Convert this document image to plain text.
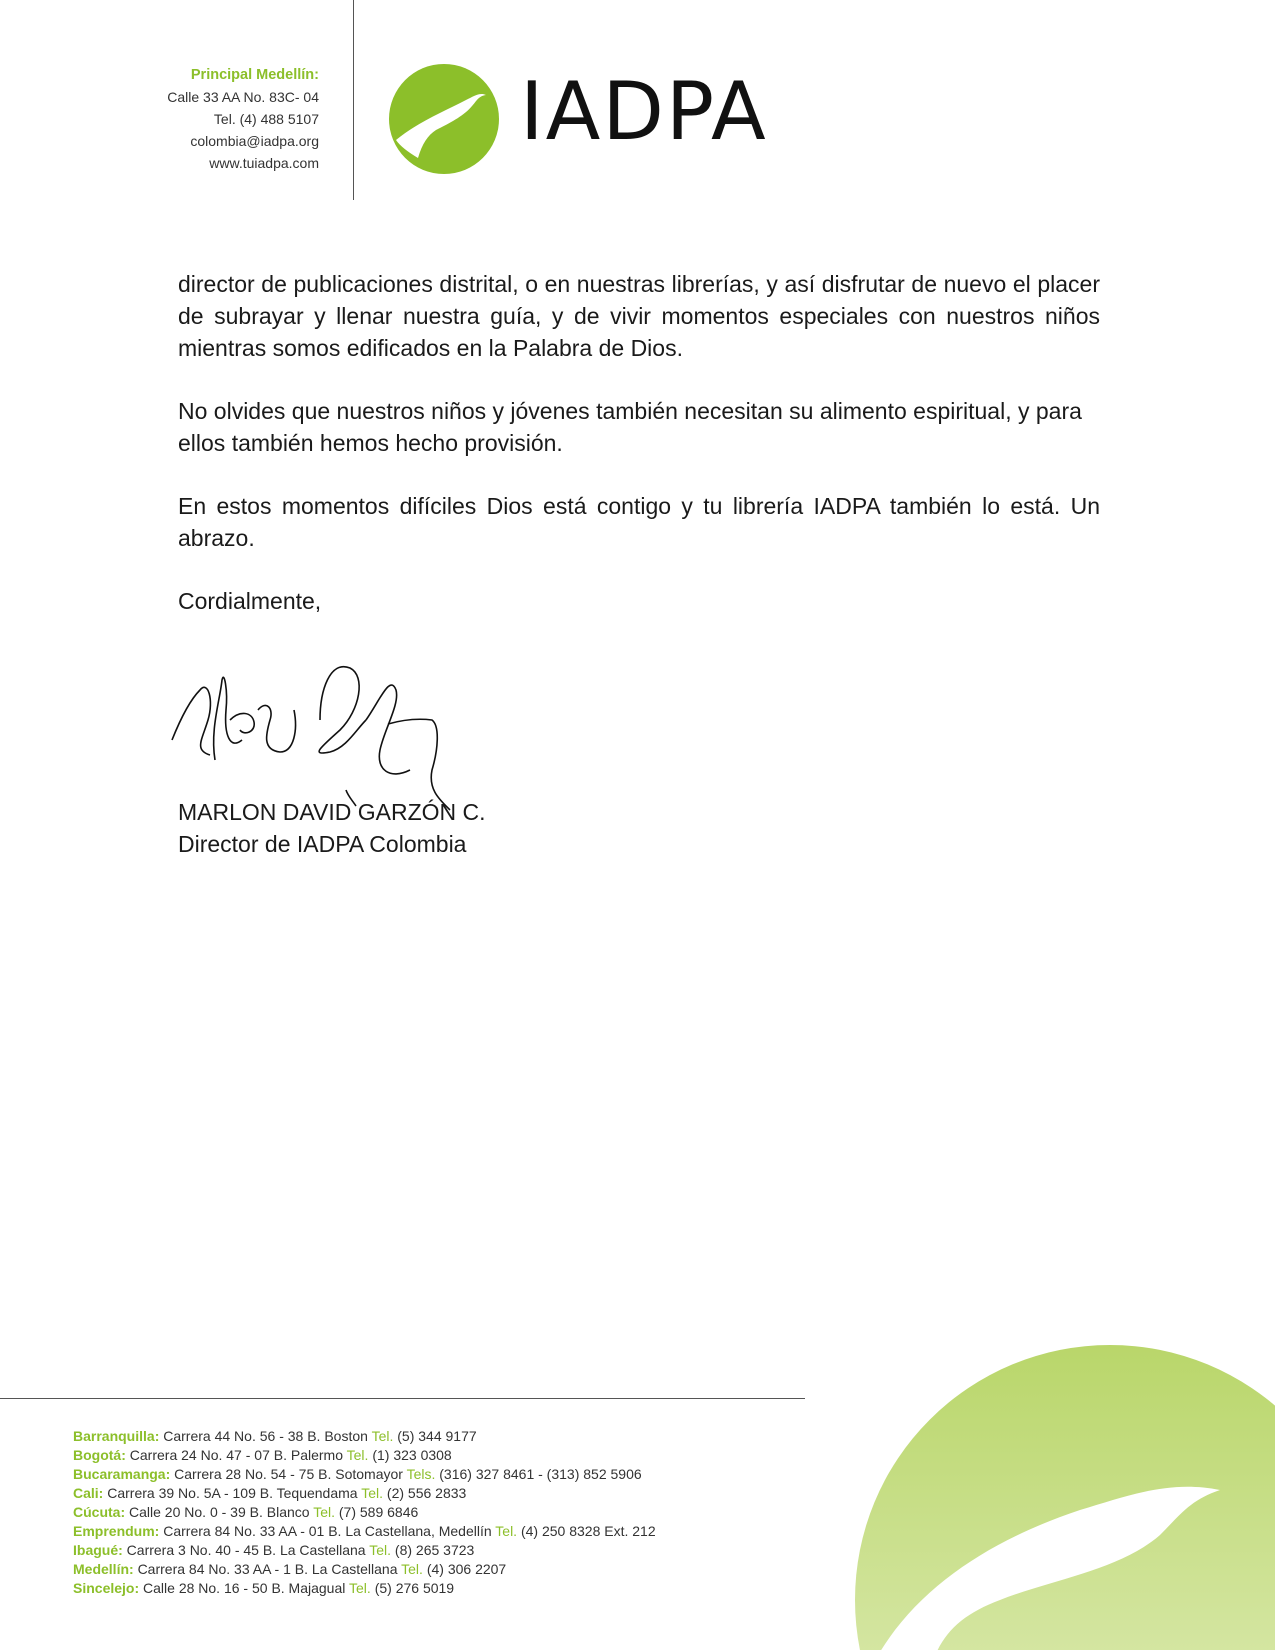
Principal Medellín:
Calle 33 AA No. 83C- 04
Tel. (4) 488 5107
colombia@iadpa.org
www.tuiadpa.com
IADPA

director de publicaciones distrital, o en nuestras librerías, y así disfrutar de nuevo el placer de subrayar y llenar nuestra guía, y de vivir momentos especiales con nuestros niños mientras somos edificados en la Palabra de Dios.

No olvides que nuestros niños y jóvenes también necesitan su alimento espiritual, y para ellos también hemos hecho provisión.

En estos momentos difíciles Dios está contigo y tu librería IADPA también lo está. Un abrazo.

Cordialmente,

MARLON DAVID GARZÓN C.
Director de IADPA Colombia
Barranquilla: Carrera 44 No. 56 - 38 B. Boston Tel. (5) 344 9177
Bogotá: Carrera 24 No. 47 - 07 B. Palermo Tel. (1) 323 0308
Bucaramanga: Carrera 28 No. 54 - 75 B. Sotomayor Tels. (316) 327 8461 - (313) 852 5906
Cali: Carrera 39 No. 5A - 109 B. Tequendama Tel. (2) 556 2833
Cúcuta: Calle 20 No. 0 - 39 B. Blanco Tel. (7) 589 6846
Emprendum: Carrera 84 No. 33 AA - 01 B. La Castellana, Medellín Tel. (4) 250 8328 Ext. 212
Ibagué: Carrera 3 No. 40 - 45 B. La Castellana Tel. (8) 265 3723
Medellín: Carrera 84 No. 33 AA - 1 B. La Castellana Tel. (4) 306 2207
Sincelejo: Calle 28 No. 16 - 50 B. Majagual Tel. (5) 276 5019
